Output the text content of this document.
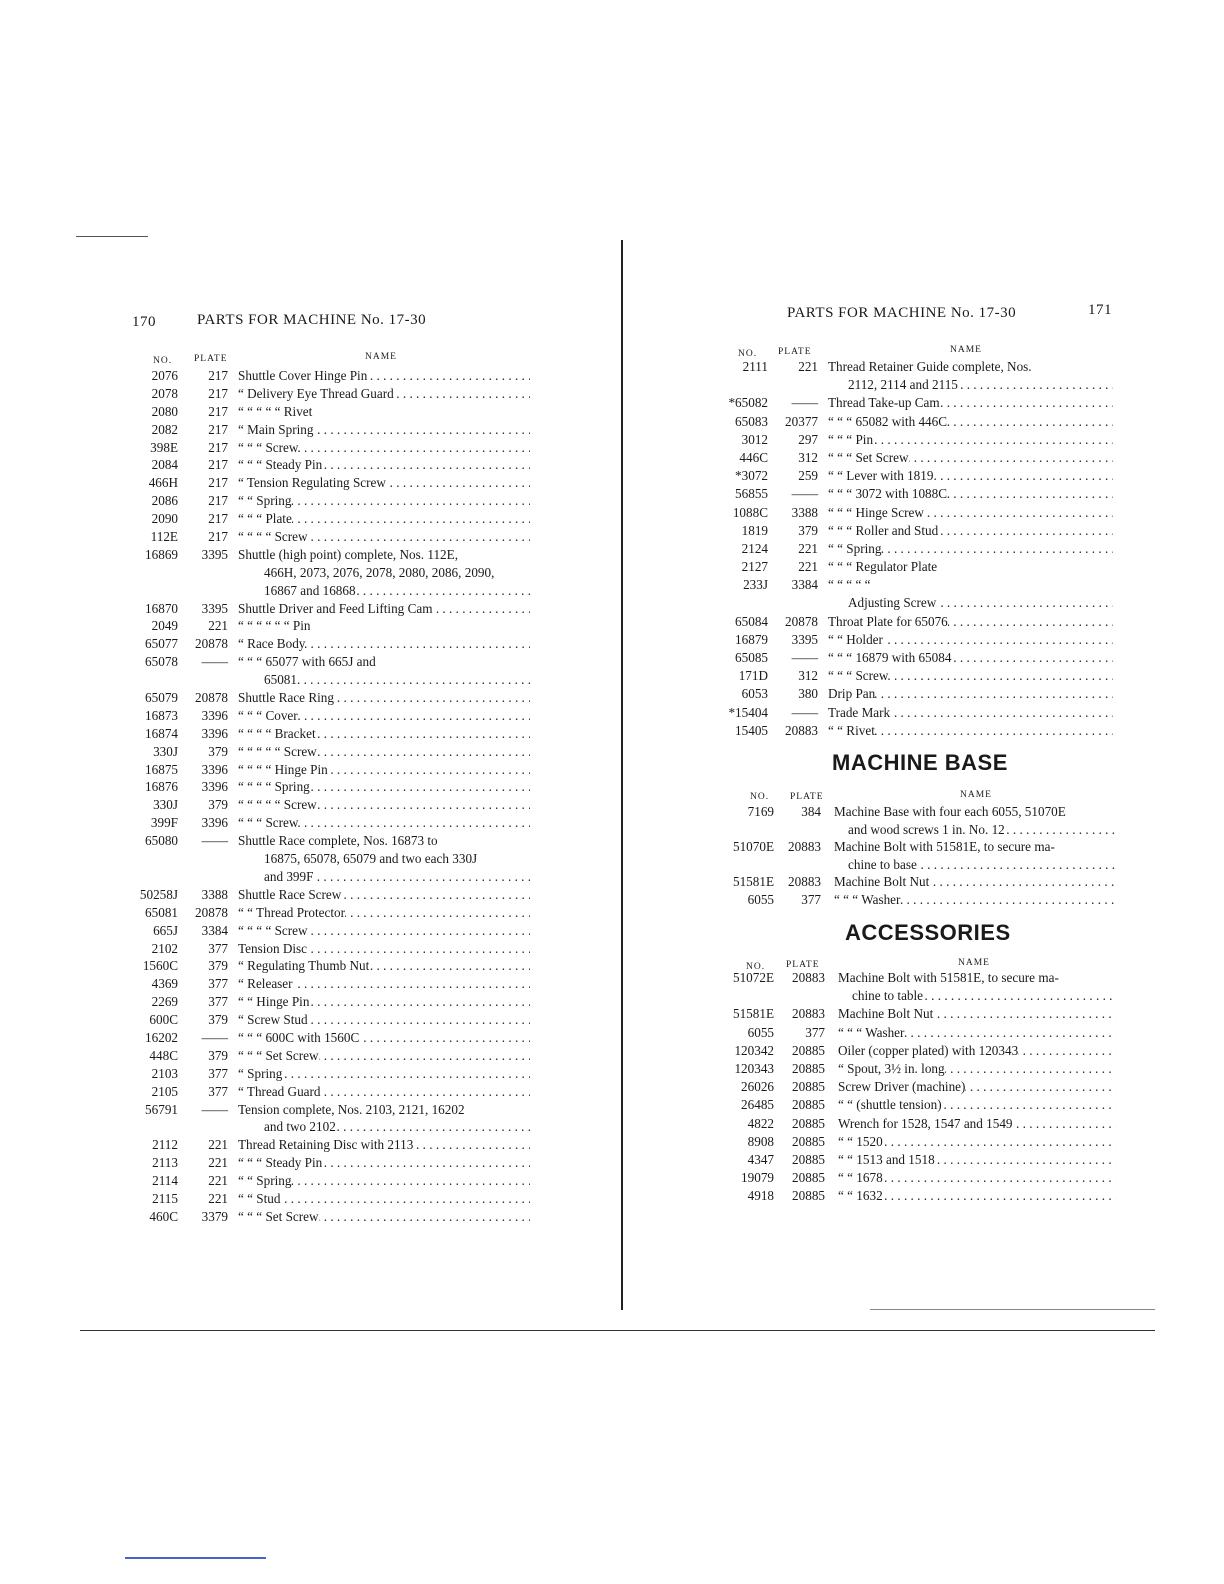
170	PARTS FOR MACHINE No. 17-30
NO. PLATE	NAME
2076	217 Shuttle Cover Hinge Pin . . .
2078	217 “ Delivery Eye Thread Guard . . .
2080	217 “ “ “ “ “ Rivet
2082	217 “ Main Spring . . .
398E	217 “ “ “ Screw . . .
2084	217 “ “ “ Steady Pin . . .
466H	217 “ Tension Regulating Screw . . .
2086	217 “ “ Spring . . .
2090	217 “ “ “ Plate . . .
112E	217 “ “ “ “ Screw . . .
16869	3395 Shuttle (high point) complete, Nos. 112E,
466H, 2073, 2076, 2078, 2080, 2086, 2090,
16867 and 16868 . . .
16870	3395 Shuttle Driver and Feed Lifting Cam . . .
2049	221 “ “ “ “ “ “ Pin
65077	20878 “ Race Body . . .
65078	—— “ “ “ 65077 with 665J and
65081 . . .
65079	20878 Shuttle Race Ring . . .
16873	3396 “ “ “ Cover . . .
16874	3396 “ “ “ “ Bracket . . .
330J	379 “ “ “ “ “ Screw . . .
16875	3396 “ “ “ “ Hinge Pin . . .
16876	3396 “ “ “ “ Spring . . .
330J	379 “ “ “ “ “ Screw . . .
399F	3396 “ “ “ Screw . . .
65080	—— Shuttle Race complete, Nos. 16873 to
16875, 65078, 65079 and two each 330J
and 399F . . .
50258J	3388 Shuttle Race Screw . . .
65081	20878 “ “ Thread Protector . . .
665J	3384 “ “ “ “ Screw . . .
2102	377 Tension Disc . . .
1560C	379 “ Regulating Thumb Nut . . .
4369	377 “ Releaser . . .
2269	377 “ “ Hinge Pin . . .
600C	379 “ Screw Stud . . .
16202	—— “ “ “ 600C with 1560C . . .
448C	379 “ “ “ Set Screw . . .
2103	377 “ Spring . . .
2105	377 “ Thread Guard . . .
56791	—— Tension complete, Nos. 2103, 2121, 16202
and two 2102 . . .
2112	221 Thread Retaining Disc with 2113 . . .
2113	221 “ “ “ Steady Pin . . .
2114	221 “ “ Spring . . .
2115	221 “ “ Stud . . .
460C	3379 “ “ “ Set Screw . . .
PARTS FOR MACHINE No. 17-30	171
NO. PLATE	NAME
2111	221 Thread Retainer Guide complete, Nos.
2112, 2114 and 2115 . . .
*65082	—— Thread Take-up Cam . . .
65083	20377 “ “ “ 65082 with 446C . . .
3012	297 “ “ “ Pin . . .
446C	312 “ “ “ Set Screw . . .
*3072	259 “ “ Lever with 1819 . . .
56855	—— “ “ “ 3072 with 1088C . . .
1088C	3388 “ “ “ Hinge Screw . . .
1819	379 “ “ “ Roller and Stud . . .
2124	221 “ “ Spring . . .
2127	221 “ “ “ Regulator Plate
233J	3384 “ “ “ “ “
Adjusting Screw . . .
65084	20878 Throat Plate for 65076 . . .
16879	3395 “ “ Holder . . .
65085	—— “ “ “ 16879 with 65084 . . .
171D	312 “ “ “ Screw . . .
6053	380 Drip Pan . . .
*15404	—— Trade Mark . . .
15405	20883 “ “ Rivet . . .
MACHINE BASE
NO. PLATE	NAME
7169	384 Machine Base with four each 6055, 51070E
and wood screws 1 in. No. 12 . . .
51070E	20883 Machine Bolt with 51581E, to secure ma-
chine to base . . .
51581E	20883 Machine Bolt Nut . . .
6055	377 “ “ “ Washer . . .
ACCESSORIES
NO. PLATE	NAME
51072E	20883 Machine Bolt with 51581E, to secure ma-
chine to table . . .
51581E	20883 Machine Bolt Nut . . .
6055	377 “ “ “ Washer . . .
120342	20885 Oiler (copper plated) with 120343 . . .
120343	20885 “ Spout, 3½ in. long . . .
26026	20885 Screw Driver (machine) . . .
26485	20885 “ “ (shuttle tension) . . .
4822	20885 Wrench for 1528, 1547 and 1549 . . .
8908	20885 “ “ 1520 . . .
4347	20885 “ “ 1513 and 1518 . . .
19079	20885 “ “ 1678 . . .
4918	20885 “ “ 1632 . . .
